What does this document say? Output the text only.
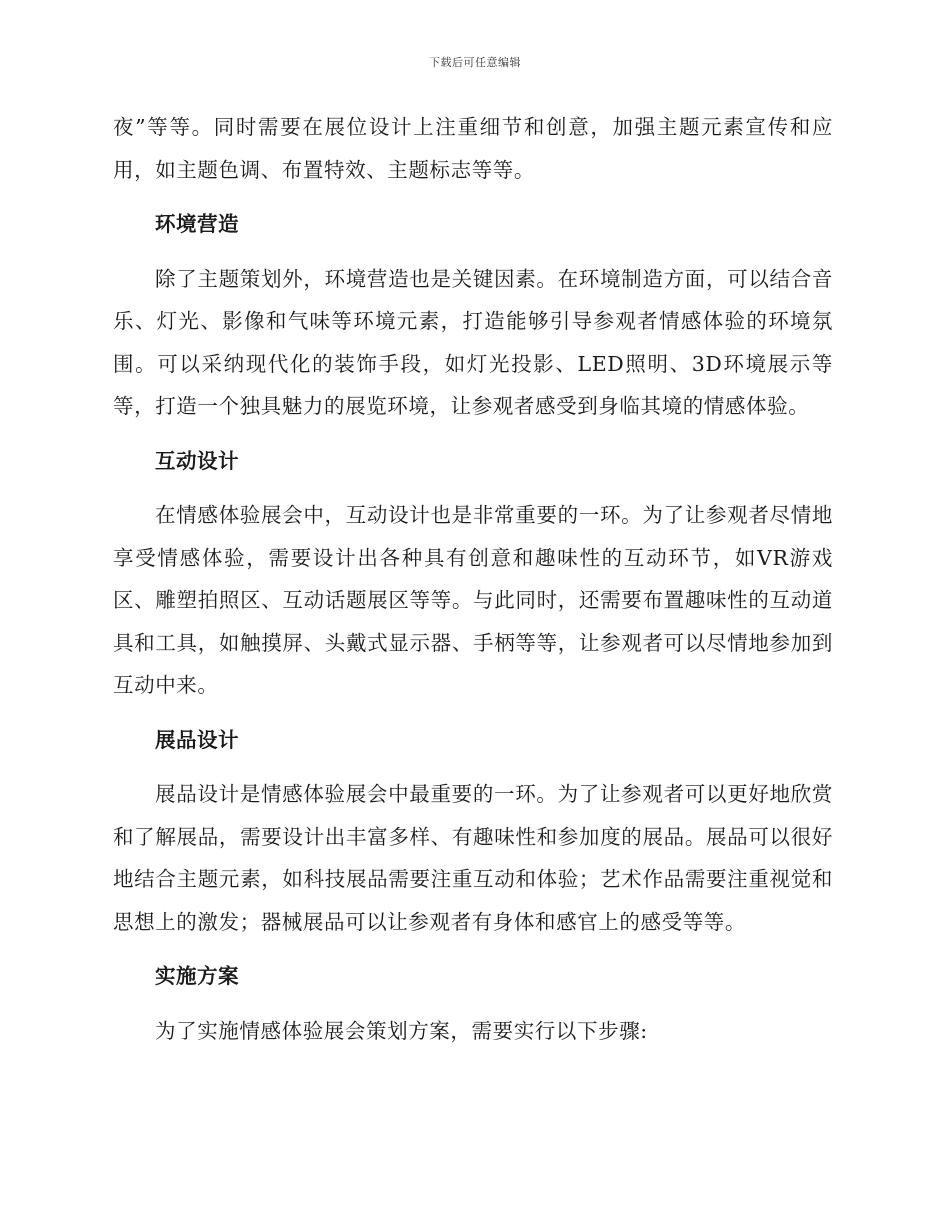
下载后可任意编辑

夜”等等。同时需要在展位设计上注重细节和创意，加强主题元素宣传和应用，如主题色调、布置特效、主题标志等等。

环境营造

除了主题策划外，环境营造也是关键因素。在环境制造方面，可以结合音乐、灯光、影像和气味等环境元素，打造能够引导参观者情感体验的环境氛围。可以采纳现代化的装饰手段，如灯光投影、LED照明、3D环境展示等等，打造一个独具魅力的展览环境，让参观者感受到身临其境的情感体验。

互动设计

在情感体验展会中，互动设计也是非常重要的一环。为了让参观者尽情地享受情感体验，需要设计出各种具有创意和趣味性的互动环节，如VR游戏区、雕塑拍照区、互动话题展区等等。与此同时，还需要布置趣味性的互动道具和工具，如触摸屏、头戴式显示器、手柄等等，让参观者可以尽情地参加到互动中来。

展品设计

展品设计是情感体验展会中最重要的一环。为了让参观者可以更好地欣赏和了解展品，需要设计出丰富多样、有趣味性和参加度的展品。展品可以很好地结合主题元素，如科技展品需要注重互动和体验；艺术作品需要注重视觉和思想上的激发；器械展品可以让参观者有身体和感官上的感受等等。

实施方案

为了实施情感体验展会策划方案，需要实行以下步骤:
